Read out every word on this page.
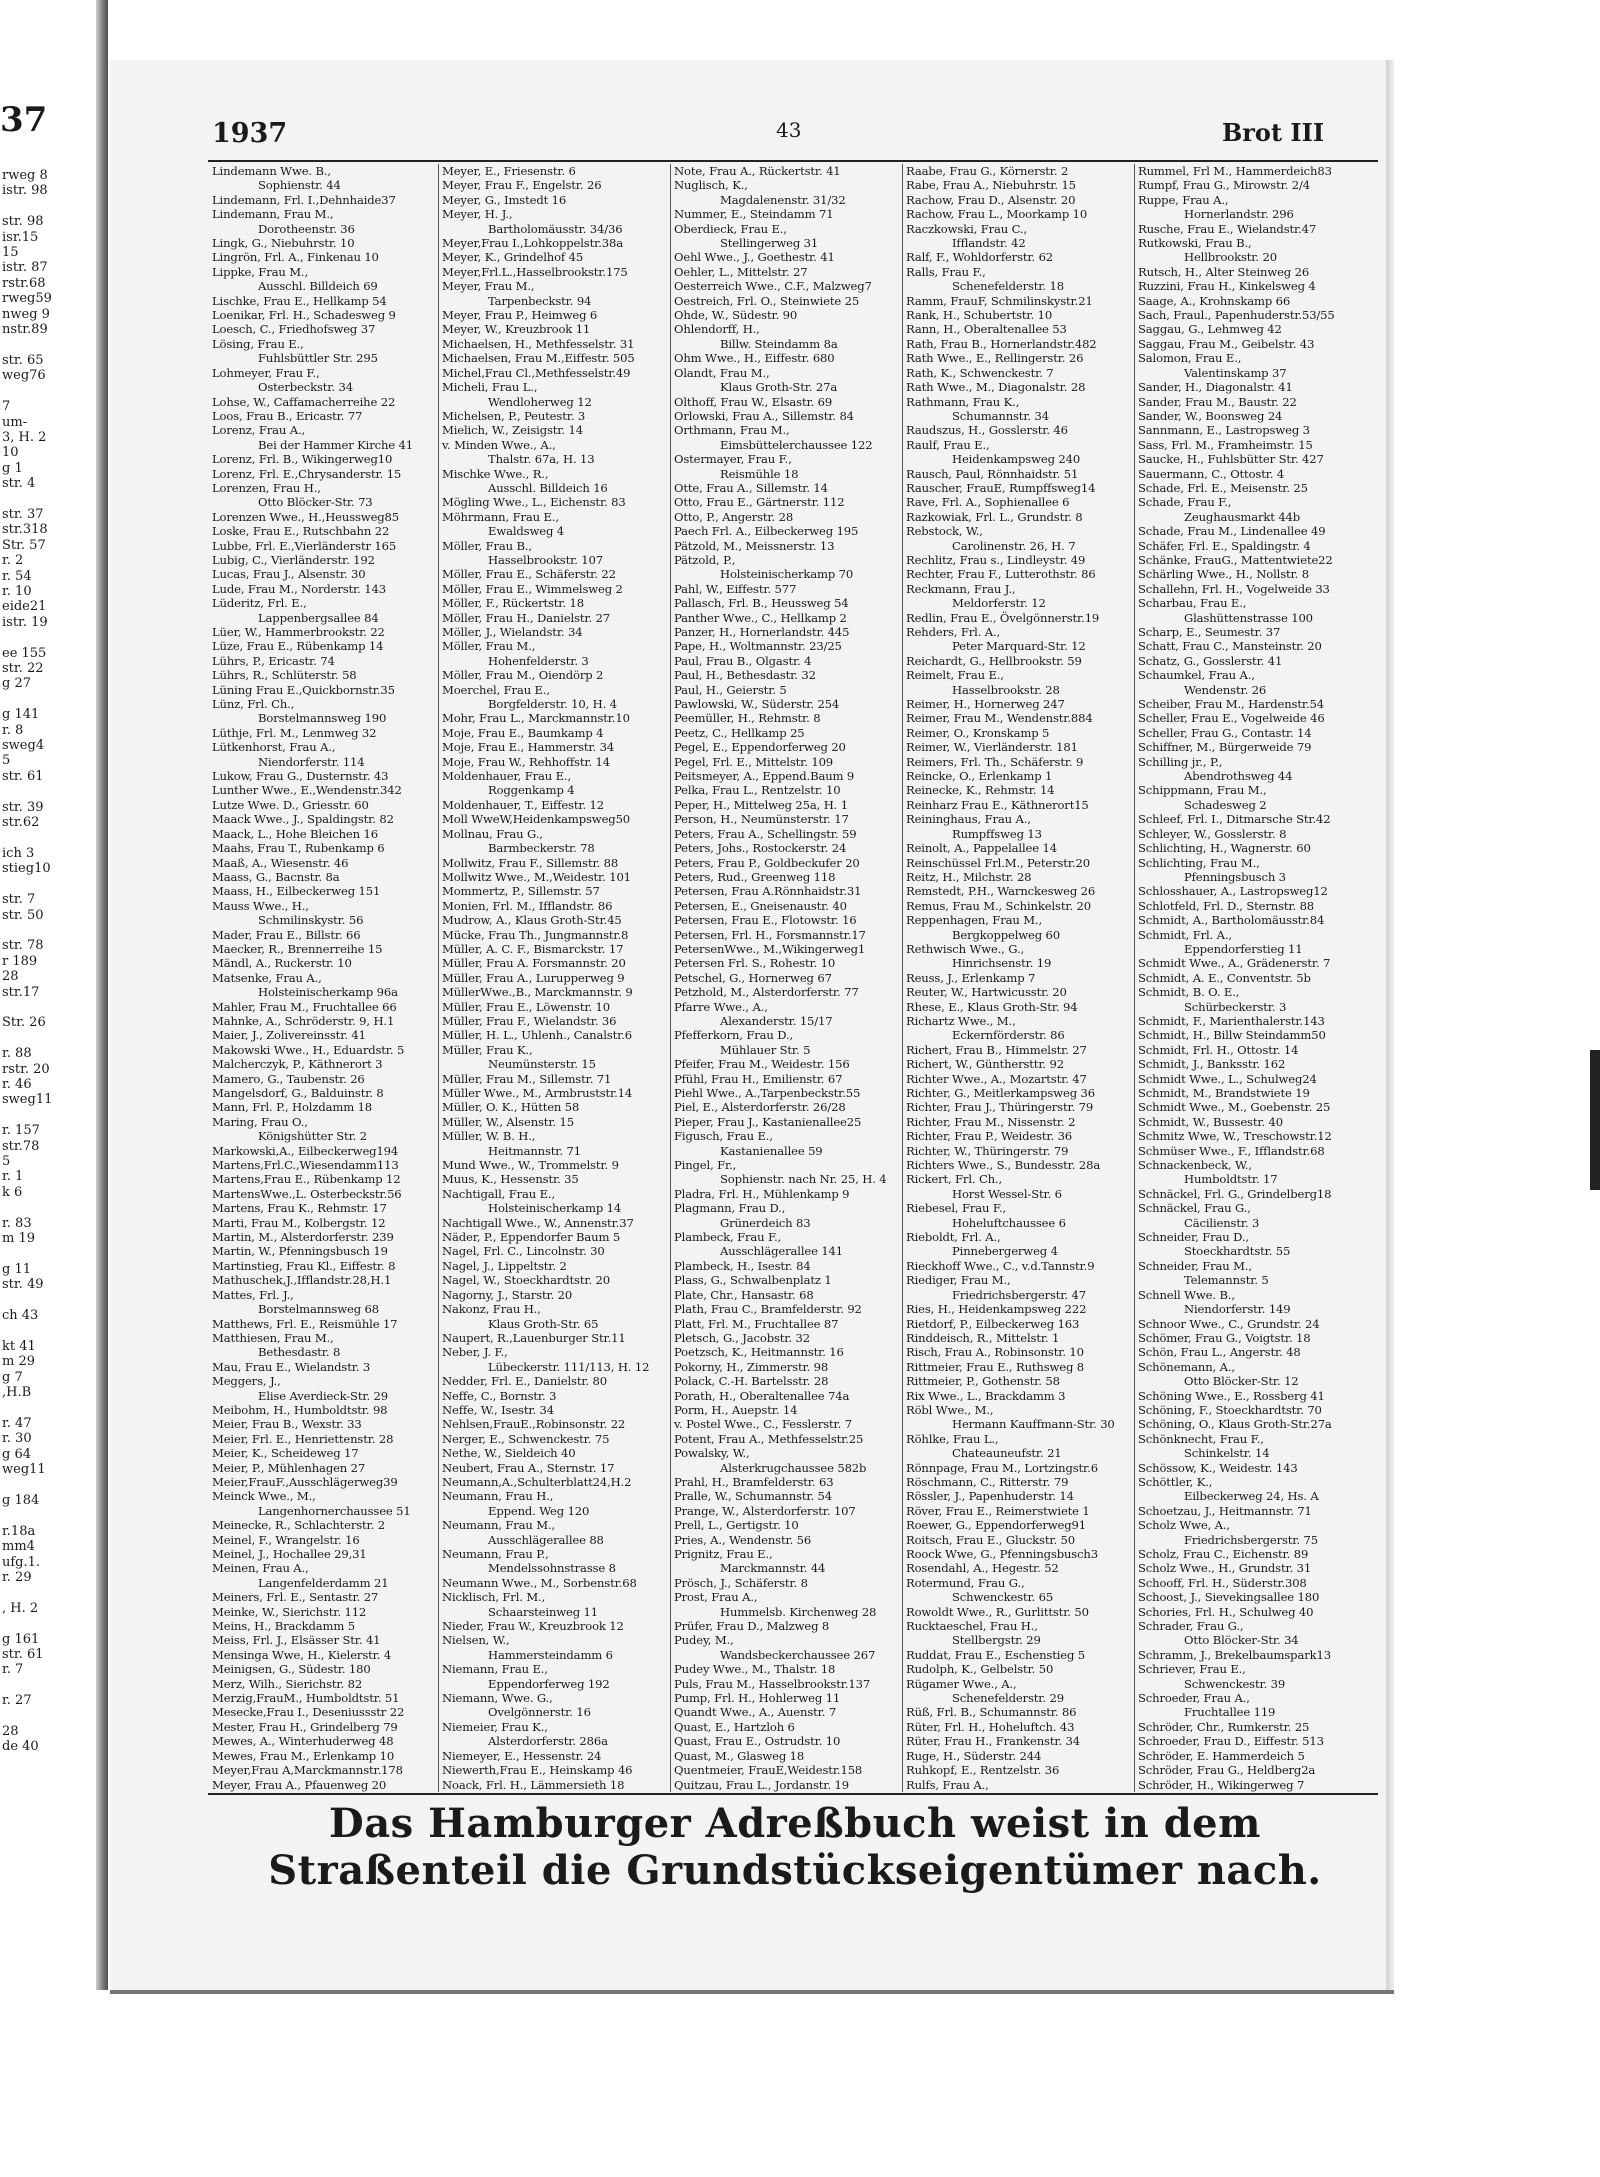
37
rweg 8
istr. 98

str. 98
isr.15
15
istr. 87
rstr.68
rweg59
nweg 9
nstr.89

str. 65
weg76

7
um-
3, H. 2
10
g 1
str. 4

str. 37
str.318
Str. 57
r. 2
r. 54
r. 10
eide21
istr. 19

ee 155
str. 22
g 27

g 141
r. 8
sweg4
5
str. 61

str. 39
str.62

ich 3
stieg10

str. 7
str. 50

str. 78
r 189
28
str.17

Str. 26

r. 88
rstr. 20
r. 46
sweg11

r. 157
str.78
5
r. 1
k 6

r. 83
m 19

g 11
str. 49

ch 43

kt 41
m 29
g 7
,H.B

r. 47
r. 30
g 64
weg11

g 184

r.18a
mm4
ufg.1.
r. 29

, H. 2

g 161
str. 61
r. 7

r. 27

28
de 40
1937	43	Brot III
Lindemann Wwe. B.,
Sophienstr. 44
Lindemann, Frl. I.,Dehnhaide37
Lindemann, Frau M.,
Dorotheenstr. 36
Lingk, G., Niebuhrstr. 10
Lingrön, Frl. A., Finkenau 10
Lippke, Frau M.,
Ausschl. Billdeich 69
Lischke, Frau E., Hellkamp 54
Loenikar, Frl. H., Schadesweg 9
Loesch, C., Friedhofsweg 37
Lösing, Frau E.,
Fuhlsbüttler Str. 295
Lohmeyer, Frau F.,
Osterbeckstr. 34
Lohse, W., Caffamacherreihe 22
Loos, Frau B., Ericastr. 77
Lorenz, Frau A.,
Bei der Hammer Kirche 41
Lorenz, Frl. B., Wikingerweg10
Lorenz, Frl. E.,Chrysanderstr. 15
Lorenzen, Frau H.,
Otto Blöcker-Str. 73
Lorenzen Wwe., H.,Heussweg85
Loske, Frau E., Rutschbahn 22
Lubbe, Frl. E.,Vierländerstr 165
Lubig, C., Vierländerstr. 192
Lucas, Frau J., Alsenstr. 30
Lude, Frau M., Norderstr. 143
Lüderitz, Frl. E.,
Lappenbergsallee 84
Lüer, W., Hammerbrookstr. 22
Lüze, Frau E., Rübenkamp 14
Lührs, P., Ericastr. 74
Lührs, R., Schlüterstr. 58
Lüning Frau E.,Quickbornstr.35
Lünz, Frl. Ch.,
Borstelmannsweg 190
Lüthje, Frl. M., Lenmweg 32
Lütkenhorst, Frau A.,
Niendorferstr. 114
Lukow, Frau G., Dusternstr. 43
Lunther Wwe., E.,Wendenstr.342
Lutze Wwe. D., Griesstr. 60
Maack Wwe., J., Spaldingstr. 82
Maack, L., Hohe Bleichen 16
Maahs, Frau T., Rubenkamp 6
Maaß, A., Wiesenstr. 46
Maass, G., Bacnstr. 8a
Maass, H., Eilbeckerweg 151
Mauss Wwe., H.,
Schmilinskystr. 56
Mader, Frau E., Billstr. 66
Maecker, R., Brennerreihe 15
Mändl, A., Ruckerstr. 10
Matsenke, Frau A.,
Holsteinischerkamp 96a
Mahler, Frau M., Fruchtallee 66
Mahnke, A., Schröderstr. 9, H.1
Maier, J., Zolivereinsstr. 41
Makowski Wwe., H., Eduardstr. 5
Malcherczyk, P., Käthnerort 3
Mamero, G., Taubenstr. 26
Mangelsdorf, G., Balduinstr. 8
Mann, Frl. P., Holzdamm 18
Maring, Frau O.,
Königshütter Str. 2
Markowski,A., Eilbeckerweg194
Martens,Frl.C.,Wiesendamm113
Martens,Frau E., Rübenkamp 12
MartensWwe.,L. Osterbeckstr.56
Martens, Frau K., Rehmstr. 17
Marti, Frau M., Kolbergstr. 12
Martin, M., Alsterdorferstr. 239
Martin, W., Pfenningsbusch 19
Martinstieg, Frau Kl., Eiffestr. 8
Mathuschek,J.,Ifflandstr.28,H.1
Mattes, Frl. J.,
Borstelmannsweg 68
Matthews, Frl. E., Reismühle 17
Matthiesen, Frau M.,
Bethesdastr. 8
Mau, Frau E., Wielandstr. 3
Meggers, J.,
Elise Averdieck-Str. 29
Meibohm, H., Humboldtstr. 98
Meier, Frau B., Wexstr. 33
Meier, Frl. E., Henriettenstr. 28
Meier, K., Scheideweg 17
Meier, P., Mühlenhagen 27
Meier,FrauF.,Ausschlägerweg39
Meinck Wwe., M.,
Langenhornerchaussee 51
Meinecke, R., Schlachterstr. 2
Meinel, F., Wrangelstr. 16
Meinel, J., Hochallee 29,31
Meinen, Frau A.,
Langenfelderdamm 21
Meiners, Frl. E., Sentastr. 27
Meinke, W., Sierichstr. 112
Meins, H., Brackdamm 5
Meiss, Frl. J., Elsässer Str. 41
Mensinga Wwe, H., Kielerstr. 4
Meinigsen, G., Südestr. 180
Merz, Wilh., Sierichstr. 82
Merzig,FrauM., Humboldtstr. 51
Mesecke,Frau I., Deseniussstr 22
Mester, Frau H., Grindelberg 79
Mewes, A., Winterhuderweg 48
Mewes, Frau M., Erlenkamp 10
Meyer,Frau A,Marckmannstr.178
Meyer, Frau A., Pfauenweg 20
Meyer, E., Friesenstr. 6
Meyer, Frau F., Engelstr. 26
Meyer, G., Imstedt 16
Meyer, H. J.,
Bartholomäusstr. 34/36
Meyer,Frau I.,Lohkoppelstr.38a
Meyer, K., Grindelhof 45
Meyer,Frl.L.,Hasselbrookstr.175
Meyer, Frau M.,
Tarpenbeckstr. 94
Meyer, Frau P., Heimweg 6
Meyer, W., Kreuzbrook 11
Michaelsen, H., Methfesselstr. 31
Michaelsen, Frau M.,Eiffestr. 505
Michel,Frau Cl.,Methfesselstr.49
Micheli, Frau L.,
Wendloherweg 12
Michelsen, P., Peutestr. 3
Mielich, W., Zeisigstr. 14
v. Minden Wwe., A.,
Thalstr. 67a, H. 13
Mischke Wwe., R.,
Ausschl. Billdeich 16
Mögling Wwe., L., Eichenstr. 83
Möhrmann, Frau E.,
Ewaldsweg 4
Möller, Frau B.,
Hasselbrookstr. 107
Möller, Frau E., Schäferstr. 22
Möller, Frau E., Wimmelsweg 2
Möller, F., Rückertstr. 18
Möller, Frau H., Danielstr. 27
Möller, J., Wielandstr. 34
Möller, Frau M.,
Hohenfelderstr. 3
Möller, Frau M., Oiendörp 2
Moerchel, Frau E.,
Borgfelderstr. 10, H. 4
Mohr, Frau L., Marckmannstr.10
Moje, Frau E., Baumkamp 4
Moje, Frau E., Hammerstr. 34
Moje, Frau W., Rehhoffstr. 14
Moldenhauer, Frau E.,
Roggenkamp 4
Moldenhauer, T., Eiffestr. 12
Moll WweW,Heidenkampsweg50
Mollnau, Frau G.,
Barmbeckerstr. 78
Mollwitz, Frau F., Sillemstr. 88
Mollwitz Wwe., M.,Weidestr. 101
Mommertz, P., Sillemstr. 57
Monien, Frl. M., Ifflandstr. 86
Mudrow, A., Klaus Groth-Str.45
Mücke, Frau Th., Jungmannstr.8
Müller, A. C. F., Bismarckstr. 17
Müller, Frau A. Forsmannstr. 20
Müller, Frau A., Lurupperweg 9
MüllerWwe.,B., Marckmannstr. 9
Müller, Frau E., Löwenstr. 10
Müller, Frau F., Wielandstr. 36
Müller, H. L., Uhlenh., Canalstr.6
Müller, Frau K.,
Neumünsterstr. 15
Müller, Frau M., Sillemstr. 71
Müller Wwe., M., Armbruststr.14
Müller, O. K., Hütten 58
Müller, W., Alsenstr. 15
Müller, W. B. H.,
Heitmannstr. 71
Mund Wwe., W., Trommelstr. 9
Muus, K., Hessenstr. 35
Nachtigall, Frau E.,
Holsteinischerkamp 14
Nachtigall Wwe., W., Annenstr.37
Näder, P., Eppendorfer Baum 5
Nagel, Frl. C., Lincolnstr. 30
Nagel, J., Lippeltstr. 2
Nagel, W., Stoeckhardtstr. 20
Nagorny, J., Starstr. 20
Nakonz, Frau H.,
Klaus Groth-Str. 65
Naupert, R.,Lauenburger Str.11
Neber, J. F.,
Lübeckerstr. 111/113, H. 12
Nedder, Frl. E., Danielstr. 80
Neffe, C., Bornstr. 3
Neffe, W., Isestr. 34
Nehlsen,FrauE.,Robinsonstr. 22
Nerger, E., Schwenckestr. 75
Nethe, W., Sieldeich 40
Neubert, Frau A., Sternstr. 17
Neumann,A.,Schulterblatt24,H.2
Neumann, Frau H.,
Eppend. Weg 120
Neumann, Frau M.,
Ausschlägerallee 88
Neumann, Frau P.,
Mendelssohnstrasse 8
Neumann Wwe., M., Sorbenstr.68
Nicklisch, Frl. M.,
Schaarsteinweg 11
Nieder, Frau W., Kreuzbrook 12
Nielsen, W.,
Hammersteindamm 6
Niemann, Frau E.,
Eppendorferweg 192
Niemann, Wwe. G.,
Ovelgönnerstr. 16
Niemeier, Frau K.,
Alsterdorferstr. 286a
Niemeyer, E., Hessenstr. 24
Niewerth,Frau E., Heinskamp 46
Noack, Frl. H., Lämmersieth 18
Note, Frau A., Rückertstr. 41
Nuglisch, K.,
Magdalenenstr. 31/32
Nummer, E., Steindamm 71
Oberdieck, Frau E.,
Stellingerweg 31
Oehl Wwe., J., Goethestr. 41
Oehler, L., Mittelstr. 27
Oesterreich Wwe., C.F., Malzweg7
Oestreich, Frl. O., Steinwiete 25
Ohde, W., Südestr. 90
Ohlendorff, H.,
Billw. Steindamm 8a
Ohm Wwe., H., Eiffestr. 680
Olandt, Frau M.,
Klaus Groth-Str. 27a
Olthoff, Frau W., Elsastr. 69
Orlowski, Frau A., Sillemstr. 84
Orthmann, Frau M.,
Eimsbüttelerchaussee 122
Ostermayer, Frau F.,
Reismühle 18
Otte, Frau A., Sillemstr. 14
Otto, Frau E., Gärtnerstr. 112
Otto, P., Angerstr. 28
Paech Frl. A., Eilbeckerweg 195
Pätzold, M., Meissnerstr. 13
Pätzold, P.,
Holsteinischerkamp 70
Pahl, W., Eiffestr. 577
Pallasch, Frl. B., Heussweg 54
Panther Wwe., C., Hellkamp 2
Panzer, H., Hornerlandstr. 445
Pape, H., Woltmannstr. 23/25
Paul, Frau B., Olgastr. 4
Paul, H., Bethesdastr. 32
Paul, H., Geierstr. 5
Pawlowski, W., Süderstr. 254
Peemüller, H., Rehmstr. 8
Peetz, C., Hellkamp 25
Pegel, E., Eppendorferweg 20
Pegel, Frl. E., Mittelstr. 109
Peitsmeyer, A., Eppend.Baum 9
Pelka, Frau L., Rentzelstr. 10
Peper, H., Mittelweg 25a, H. 1
Person, H., Neumünsterstr. 17
Peters, Frau A., Schellingstr. 59
Peters, Johs., Rostockerstr. 24
Peters, Frau P., Goldbeckufer 20
Peters, Rud., Greenweg 118
Petersen, Frau A.Rönnhaidstr.31
Petersen, E., Gneisenaustr. 40
Petersen, Frau E., Flotowstr. 16
Petersen, Frl. H., Forsmannstr.17
PetersenWwe., M.,Wikingerweg1
Petersen Frl. S., Rohestr. 10
Petschel, G., Hornerweg 67
Petzhold, M., Alsterdorferstr. 77
Pfarre Wwe., A.,
Alexanderstr. 15/17
Pfefferkorn, Frau D.,
Mühlauer Str. 5
Pfeifer, Frau M., Weidestr. 156
Pfühl, Frau H., Emilienstr. 67
Piehl Wwe., A.,Tarpenbeckstr.55
Piel, E., Alsterdorferstr. 26/28
Pieper, Frau J., Kastanienallee25
Figusch, Frau E.,
Kastanienallee 59
Pingel, Fr.,
Sophienstr. nach Nr. 25, H. 4
Pladra, Frl. H., Mühlenkamp 9
Plagmann, Frau D.,
Grünerdeich 83
Plambeck, Frau F.,
Ausschlägerallee 141
Plambeck, H., Isestr. 84
Plass, G., Schwalbenplatz 1
Plate, Chr., Hansastr. 68
Plath, Frau C., Bramfelderstr. 92
Platt, Frl. M., Fruchtallee 87
Pletsch, G., Jacobstr. 32
Poetzsch, K., Heitmannstr. 16
Pokorny, H., Zimmerstr. 98
Polack, C.-H. Bartelsstr. 28
Porath, H., Oberaltenallee 74a
Porm, H., Auepstr. 14
v. Postel Wwe., C., Fesslerstr. 7
Potent, Frau A., Methfesselstr.25
Powalsky, W.,
Alsterkrugchaussee 582b
Prahl, H., Bramfelderstr. 63
Pralle, W., Schumannstr. 54
Prange, W., Alsterdorferstr. 107
Prell, L., Gertigstr. 10
Pries, A., Wendenstr. 56
Prignitz, Frau E.,
Marckmannstr. 44
Prösch, J., Schäferstr. 8
Prost, Frau A.,
Hummelsb. Kirchenweg 28
Prüfer, Frau D., Malzweg 8
Pudey, M.,
Wandsbeckerchaussee 267
Pudey Wwe., M., Thalstr. 18
Puls, Frau M., Hasselbrookstr.137
Pump, Frl. H., Hohlerweg 11
Quandt Wwe., A., Auenstr. 7
Quast, E., Hartzloh 6
Quast, Frau E., Ostrudstr. 10
Quast, M., Glasweg 18
Quentmeier, FrauE,Weidestr.158
Quitzau, Frau L., Jordanstr. 19
Raabe, Frau G., Körnerstr. 2
Rabe, Frau A., Niebuhrstr. 15
Rachow, Frau D., Alsenstr. 20
Rachow, Frau L., Moorkamp 10
Raczkowski, Frau C.,
Ifflandstr. 42
Ralf, F., Wohldorferstr. 62
Ralls, Frau F.,
Schenefelderstr. 18
Ramm, FrauF, Schmilinskystr.21
Rank, H., Schubertstr. 10
Rann, H., Oberaltenallee 53
Rath, Frau B., Hornerlandstr.482
Rath Wwe., E., Rellingerstr. 26
Rath, K., Schwenckestr. 7
Rath Wwe., M., Diagonalstr. 28
Rathmann, Frau K.,
Schumannstr. 34
Raudszus, H., Gosslerstr. 46
Raulf, Frau E.,
Heidenkampsweg 240
Rausch, Paul, Rönnhaidstr. 51
Rauscher, FrauE, Rumpffsweg14
Rave, Frl. A., Sophienallee 6
Razkowiak, Frl. L., Grundstr. 8
Rebstock, W.,
Carolinenstr. 26, H. 7
Rechlitz, Frau s., Lindleystr. 49
Rechter, Frau F., Lutterothstr. 86
Reckmann, Frau J.,
Meldorferstr. 12
Redlin, Frau E., Övelgönnerstr.19
Rehders, Frl. A.,
Peter Marquard-Str. 12
Reichardt, G., Hellbrookstr. 59
Reimelt, Frau E.,
Hasselbrookstr. 28
Reimer, H., Hornerweg 247
Reimer, Frau M., Wendenstr.884
Reimer, O., Kronskamp 5
Reimer, W., Vierländerstr. 181
Reimers, Frl. Th., Schäferstr. 9
Reincke, O., Erlenkamp 1
Reinecke, K., Rehmstr. 14
Reinharz Frau E., Käthnerort15
Reininghaus, Frau A.,
Rumpffsweg 13
Reinolt, A., Pappelallee 14
Reinschüssel Frl.M., Peterstr.20
Reitz, H., Milchstr. 28
Remstedt, P.H., Warnckesweg 26
Remus, Frau M., Schinkelstr. 20
Reppenhagen, Frau M.,
Bergkoppelweg 60
Rethwisch Wwe., G.,
Hinrichsenstr. 19
Reuss, J., Erlenkamp 7
Reuter, W., Hartwicusstr. 20
Rhese, E., Klaus Groth-Str. 94
Richartz Wwe., M.,
Eckernförderstr. 86
Richert, Frau B., Himmelstr. 27
Richert, W., Günthersttr. 92
Richter Wwe., A., Mozartstr. 47
Richter, G., Meitlerkampsweg 36
Richter, Frau J., Thüringerstr. 79
Richter, Frau M., Nissenstr. 2
Richter, Frau P., Weidestr. 36
Richter, W., Thüringerstr. 79
Richters Wwe., S., Bundesstr. 28a
Rickert, Frl. Ch.,
Horst Wessel-Str. 6
Riebesel, Frau F.,
Hoheluftchaussee 6
Rieboldt, Frl. A.,
Pinnebergerweg 4
Rieckhoff Wwe., C., v.d.Tannstr.9
Riediger, Frau M.,
Friedrichsbergerstr. 47
Ries, H., Heidenkampsweg 222
Rietdorf, P., Eilbeckerweg 163
Rinddeisch, R., Mittelstr. 1
Risch, Frau A., Robinsonstr. 10
Rittmeier, Frau E., Ruthsweg 8
Rittmeier, P., Gothenstr. 58
Rix Wwe., L., Brackdamm 3
Röbl Wwe., M.,
Hermann Kauffmann-Str. 30
Röhlke, Frau L.,
Chateauneufstr. 21
Rönnpage, Frau M., Lortzingstr.6
Röschmann, C., Ritterstr. 79
Rössler, J., Papenhuderstr. 14
Röver, Frau E., Reimerstwiete 1
Roewer, G., Eppendorferweg91
Roitsch, Frau E., Gluckstr. 50
Roock Wwe, G., Pfenningsbusch3
Rosendahl, A., Hegestr. 52
Rotermund, Frau G.,
Schwenckestr. 65
Rowoldt Wwe., R., Gurlittstr. 50
Rucktaeschel, Frau H.,
Stellbergstr. 29
Ruddat, Frau E., Eschenstieg 5
Rudolph, K., Gelbelstr. 50
Rügamer Wwe., A.,
Schenefelderstr. 29
Rüß, Frl. B., Schumannstr. 86
Rüter, Frl. H., Hoheluftch. 43
Rüter, Frau H., Frankenstr. 34
Ruge, H., Süderstr. 244
Ruhkopf, E., Rentzelstr. 36
Rulfs, Frau A.,
Rummel, Frl M., Hammerdeich83
Rumpf, Frau G., Mirowstr. 2/4
Ruppe, Frau A.,
Hornerlandstr. 296
Rusche, Frau E., Wielandstr.47
Rutkowski, Frau B.,
Hellbrookstr. 20
Rutsch, H., Alter Steinweg 26
Ruzzini, Frau H., Kinkelsweg 4
Saage, A., Krohnskamp 66
Sach, Fraul., Papenhuderstr.53/55
Saggau, G., Lehmweg 42
Saggau, Frau M., Geibelstr. 43
Salomon, Frau E.,
Valentinskamp 37
Sander, H., Diagonalstr. 41
Sander, Frau M., Baustr. 22
Sander, W., Boonsweg 24
Sannmann, E., Lastropsweg 3
Sass, Frl. M., Framheimstr. 15
Saucke, H., Fuhlsbütter Str. 427
Sauermann, C., Ottostr. 4
Schade, Frl. E., Meisenstr. 25
Schade, Frau F.,
Zeughausmarkt 44b
Schade, Frau M., Lindenallee 49
Schäfer, Frl. E., Spaldingstr. 4
Schänke, FrauG., Mattentwiete22
Schärling Wwe., H., Nollstr. 8
Schallehn, Frl. H., Vogelweide 33
Scharbau, Frau E.,
Glashüttenstrasse 100
Scharp, E., Seumestr. 37
Schatt, Frau C., Mansteinstr. 20
Schatz, G., Gosslerstr. 41
Schaumkel, Frau A.,
Wendenstr. 26
Scheiber, Frau M., Hardenstr.54
Scheller, Frau E., Vogelweide 46
Scheller, Frau G., Contastr. 14
Schiffner, M., Bürgerweide 79
Schilling jr., P.,
Abendrothsweg 44
Schippmann, Frau M.,
Schadesweg 2
Schleef, Frl. I., Ditmarsche Str.42
Schleyer, W., Gosslerstr. 8
Schlichting, H., Wagnerstr. 60
Schlichting, Frau M.,
Pfenningsbusch 3
Schlosshauer, A., Lastropsweg12
Schlotfeld, Frl. D., Sternstr. 88
Schmidt, A., Bartholomäusstr.84
Schmidt, Frl. A.,
Eppendorferstieg 11
Schmidt Wwe., A., Grädenerstr. 7
Schmidt, A. E., Conventstr. 5b
Schmidt, B. O. E.,
Schürbeckerstr. 3
Schmidt, F., Marienthalerstr.143
Schmidt, H., Billw Steindamm50
Schmidt, Frl. H., Ottostr. 14
Schmidt, J., Banksstr. 162
Schmidt Wwe., L., Schulweg24
Schmidt, M., Brandstwiete 19
Schmidt Wwe., M., Goebenstr. 25
Schmidt, W., Bussestr. 40
Schmitz Wwe, W., Treschowstr.12
Schmüser Wwe., F., Ifflandstr.68
Schnackenbeck, W.,
Humboldtstr. 17
Schnäckel, Frl. G., Grindelberg18
Schnäckel, Frau G.,
Cäcilienstr. 3
Schneider, Frau D.,
Stoeckhardtstr. 55
Schneider, Frau M.,
Telemannstr. 5
Schnell Wwe. B.,
Niendorferstr. 149
Schnoor Wwe., C., Grundstr. 24
Schömer, Frau G., Voigtstr. 18
Schön, Frau L., Angerstr. 48
Schönemann, A.,
Otto Blöcker-Str. 12
Schöning Wwe., E., Rossberg 41
Schöning, F., Stoeckhardtstr. 70
Schöning, O., Klaus Groth-Str.27a
Schönknecht, Frau F.,
Schinkelstr. 14
Schössow, K., Weidestr. 143
Schöttler, K.,
Eilbeckerweg 24, Hs. A
Schoetzau, J., Heitmannstr. 71
Scholz Wwe, A.,
Friedrichsbergerstr. 75
Scholz, Frau C., Eichenstr. 89
Scholz Wwe., H., Grundstr. 31
Schooff, Frl. H., Süderstr.308
Schoost, J., Sievekingsallee 180
Schories, Frl. H., Schulweg 40
Schrader, Frau G.,
Otto Blöcker-Str. 34
Schramm, J., Brekelbaumspark13
Schriever, Frau E.,
Schwenckestr. 39
Schroeder, Frau A.,
Fruchtallee 119
Schröder, Chr., Rumkerstr. 25
Schroeder, Frau D., Eiffestr. 513
Schröder, E. Hammerdeich 5
Schröder, Frau G., Heldberg2a
Schröder, H., Wikingerweg 7
Das Hamburger Adreßbuch weist in dem Straßenteil die Grundstückseigentümer nach.
